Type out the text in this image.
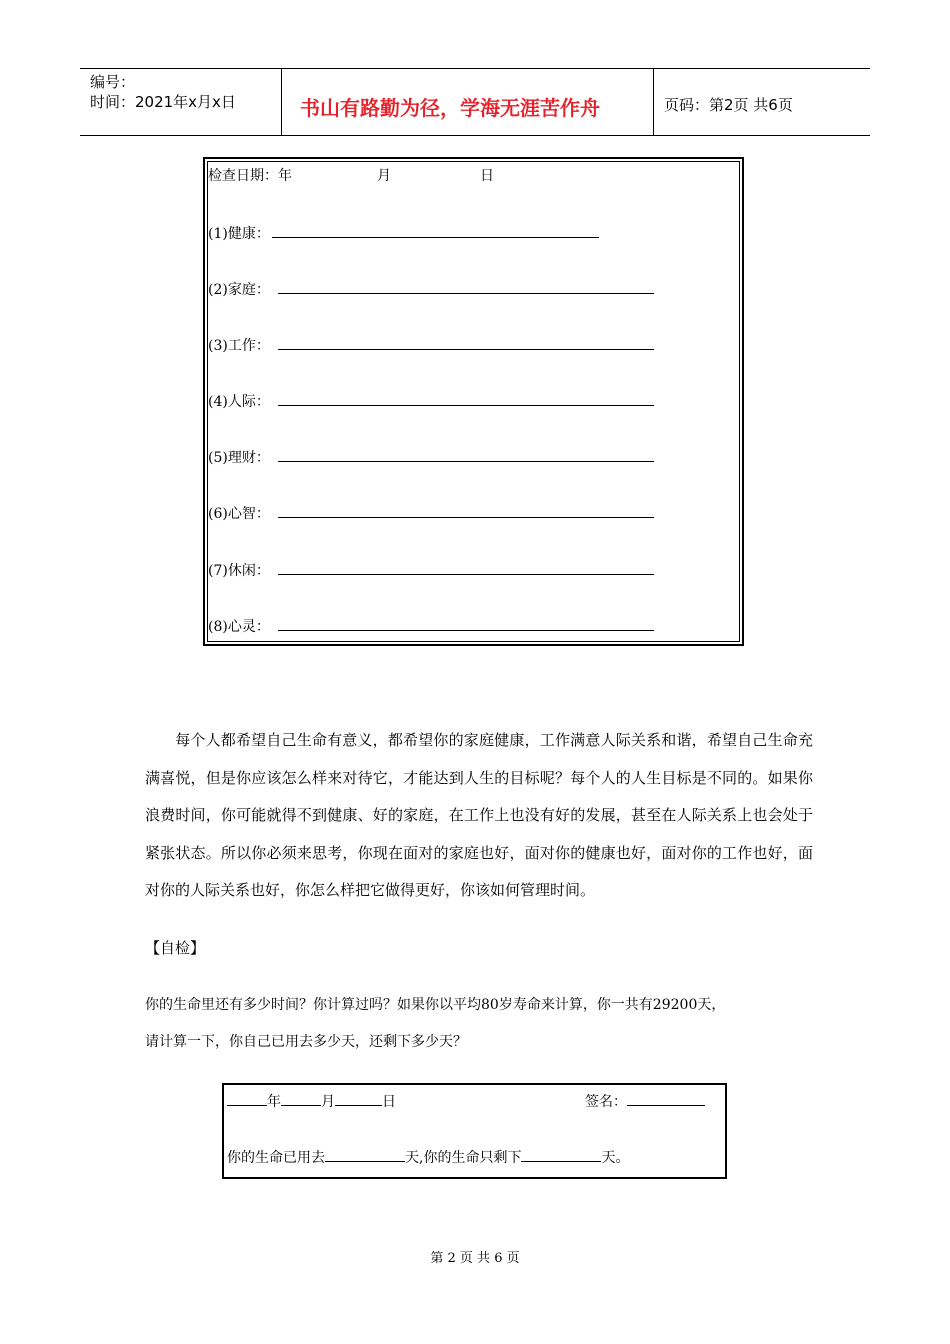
编号：
时间：2021年x月x日	书山有路勤为径，学海无涯苦作舟	页码：第2页 共6页
检查日期：年	月	日
(1)健康：
(2)家庭：
(3)工作：
(4)人际：
(5)理财：
(6)心智：
(7)休闲：
(8)心灵：
每个人都希望自己生命有意义，都希望你的家庭健康，工作满意人际关系和谐，希望自己生命充满喜悦，但是你应该怎么样来对待它，才能达到人生的目标呢？每个人的人生目标是不同的。如果你浪费时间，你可能就得不到健康、好的家庭，在工作上也没有好的发展，甚至在人际关系上也会处于紧张状态。所以你必须来思考，你现在面对的家庭也好，面对你的健康也好，面对你的工作也好，面对你的人际关系也好，你怎么样把它做得更好，你该如何管理时间。
【自检】
你的生命里还有多少时间？你计算过吗？如果你以平均80岁寿命来计算，你一共有29200天，
请计算一下，你自己已用去多少天，还剩下多少天？
年	月	日	签名：
你的生命已用去	天,你的生命只剩下	天。
第 2 页 共 6 页
